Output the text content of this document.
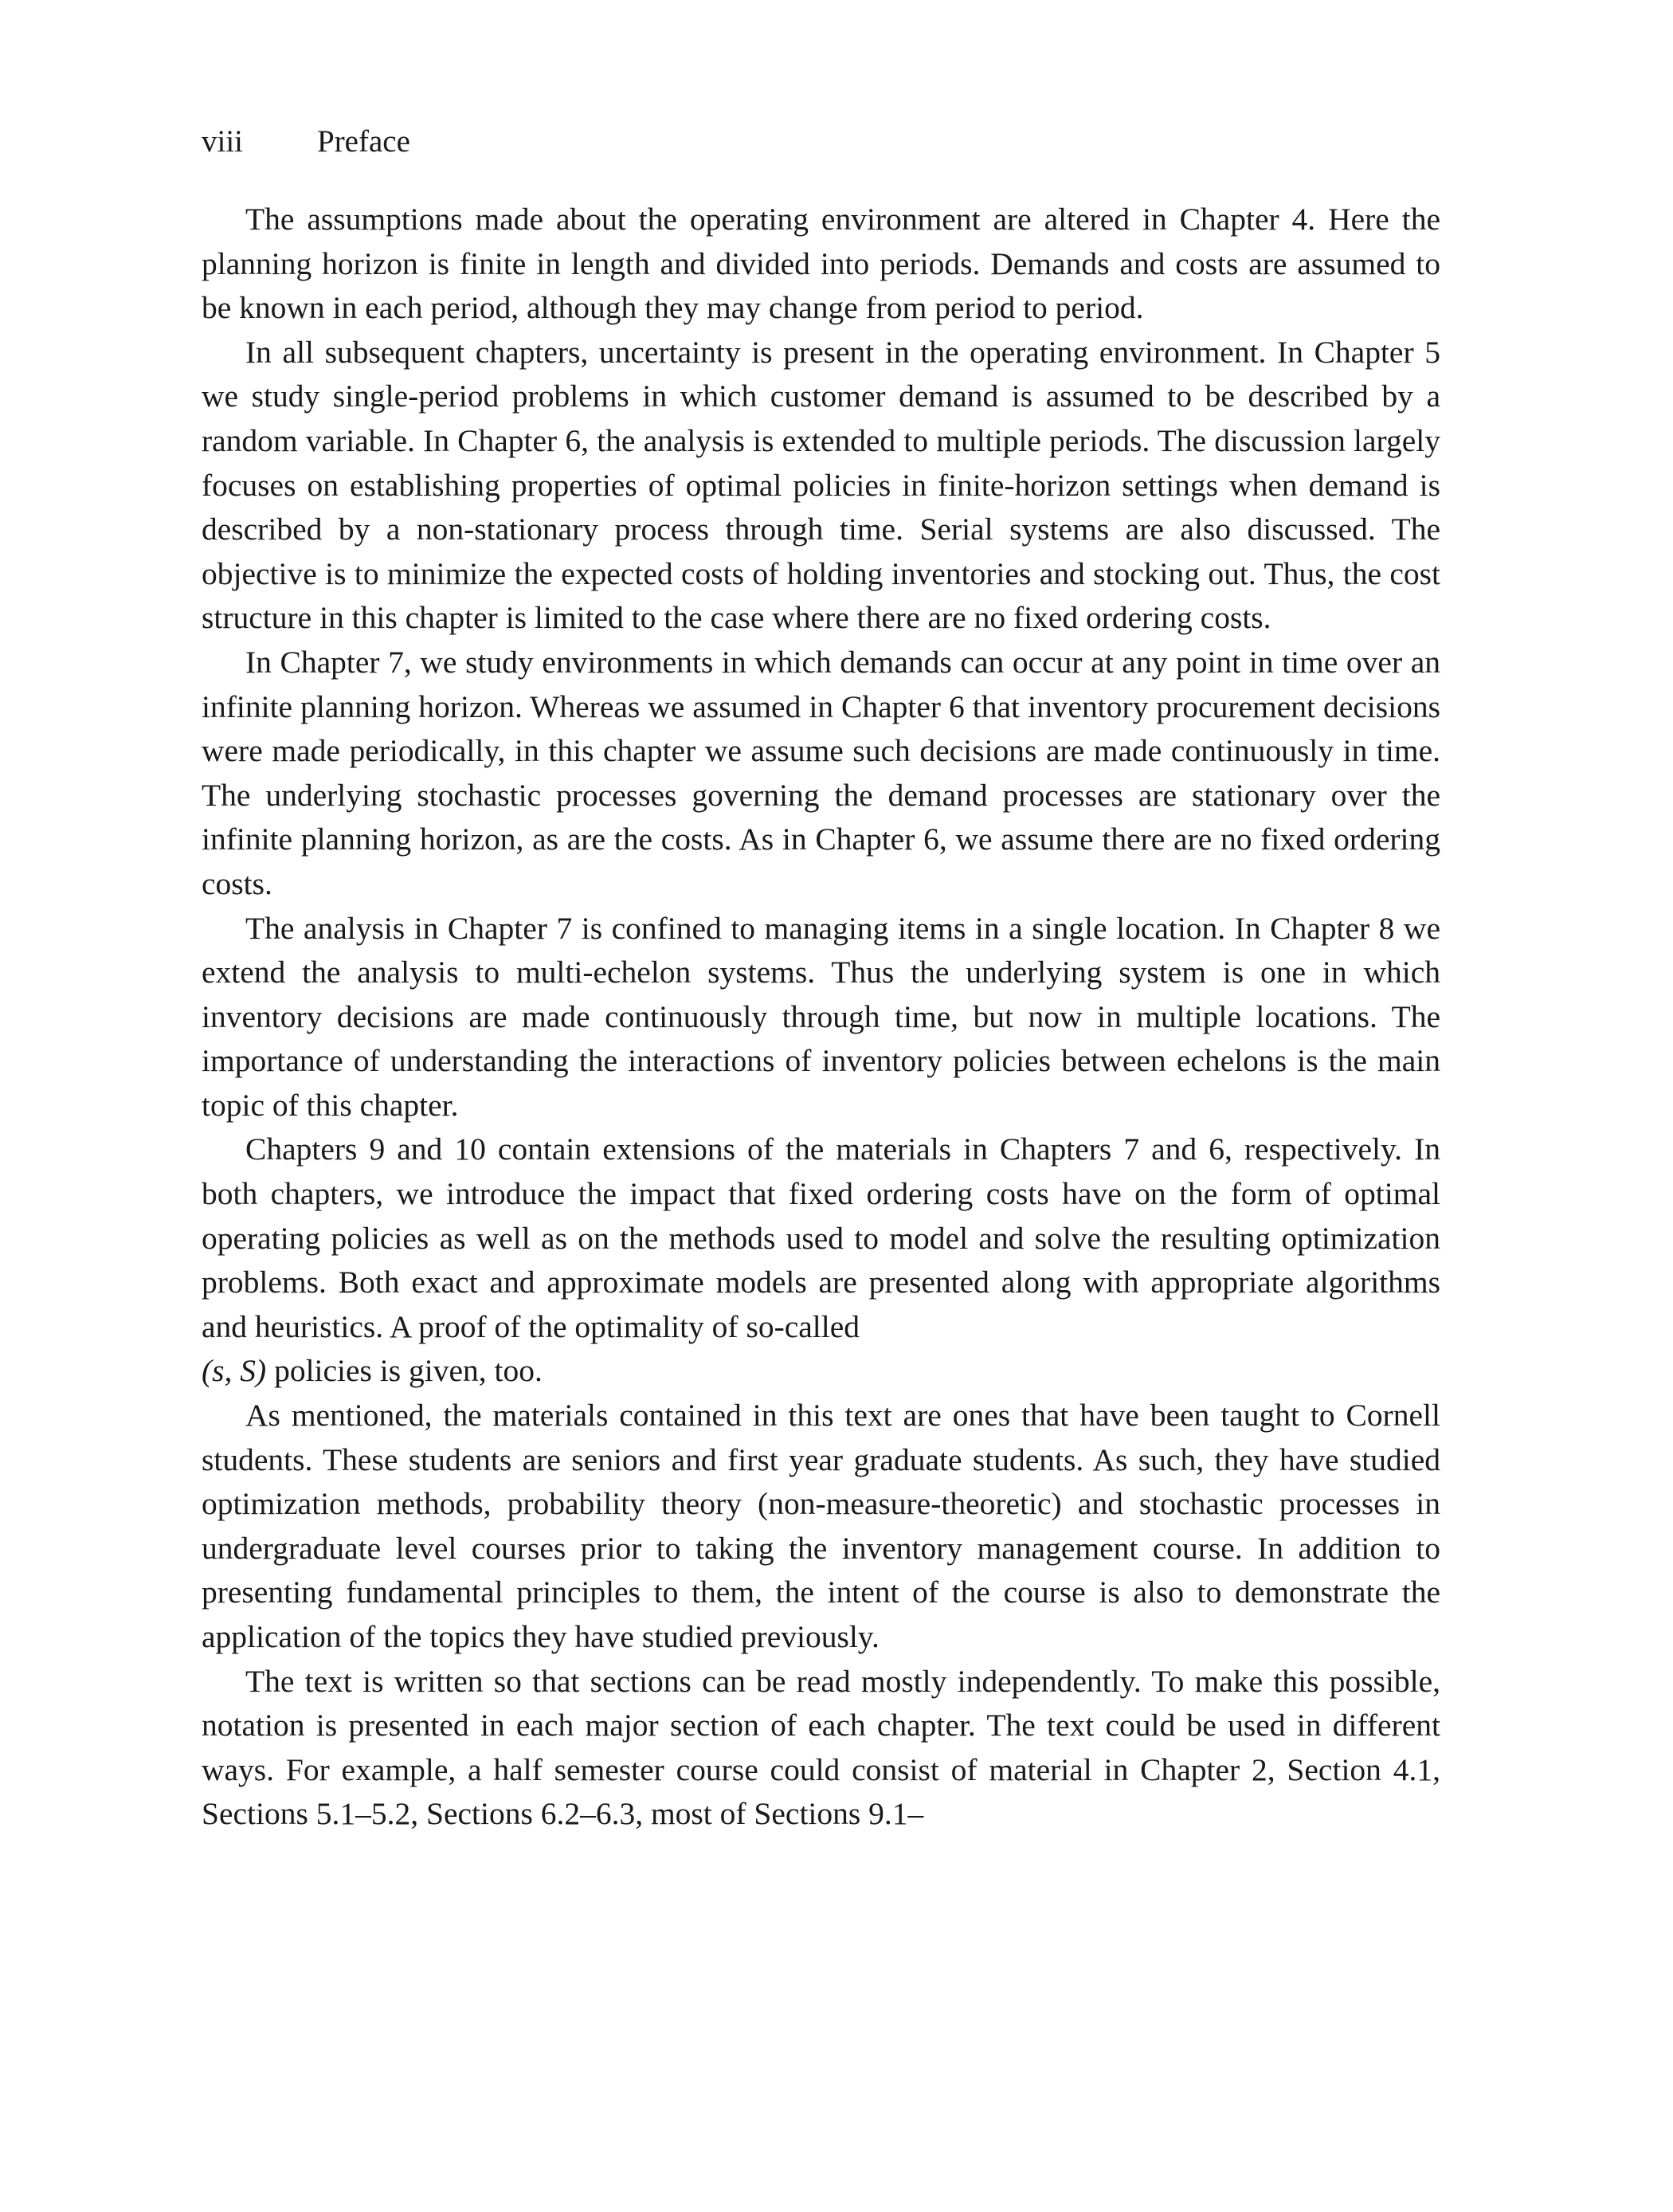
viii Preface

The assumptions made about the operating environment are altered in Chapter 4. Here the planning horizon is finite in length and divided into periods. Demands and costs are assumed to be known in each period, although they may change from period to period.

In all subsequent chapters, uncertainty is present in the operating environment. In Chapter 5 we study single-period problems in which customer demand is assumed to be described by a random variable. In Chapter 6, the analysis is extended to multiple periods. The discussion largely focuses on establishing properties of optimal policies in finite-horizon settings when demand is described by a non-stationary process through time. Serial systems are also discussed. The objective is to minimize the expected costs of holding inventories and stocking out. Thus, the cost structure in this chapter is limited to the case where there are no fixed ordering costs.

In Chapter 7, we study environments in which demands can occur at any point in time over an infinite planning horizon. Whereas we assumed in Chapter 6 that inventory procurement decisions were made periodically, in this chapter we assume such decisions are made continuously in time. The underlying stochastic processes governing the demand processes are stationary over the infinite planning horizon, as are the costs. As in Chapter 6, we assume there are no fixed ordering costs.

The analysis in Chapter 7 is confined to managing items in a single location. In Chapter 8 we extend the analysis to multi-echelon systems. Thus the underlying system is one in which inventory decisions are made continuously through time, but now in multiple locations. The importance of understanding the interactions of inventory policies between echelons is the main topic of this chapter.

Chapters 9 and 10 contain extensions of the materials in Chapters 7 and 6, respectively. In both chapters, we introduce the impact that fixed ordering costs have on the form of optimal operating policies as well as on the methods used to model and solve the resulting optimization problems. Both exact and approximate models are presented along with appropriate algorithms and heuristics. A proof of the optimality of so-called
(s, S) policies is given, too.

As mentioned, the materials contained in this text are ones that have been taught to Cornell students. These students are seniors and first year graduate students. As such, they have studied optimization methods, probability theory (non-measure-theoretic) and stochastic processes in undergraduate level courses prior to taking the inventory management course. In addition to presenting fundamental principles to them, the intent of the course is also to demonstrate the application of the topics they have studied previously.

The text is written so that sections can be read mostly independently. To make this possible, notation is presented in each major section of each chapter. The text could be used in different ways. For example, a half semester course could consist of material in Chapter 2, Section 4.1, Sections 5.1–5.2, Sections 6.2–6.3, most of Sections 9.1–
